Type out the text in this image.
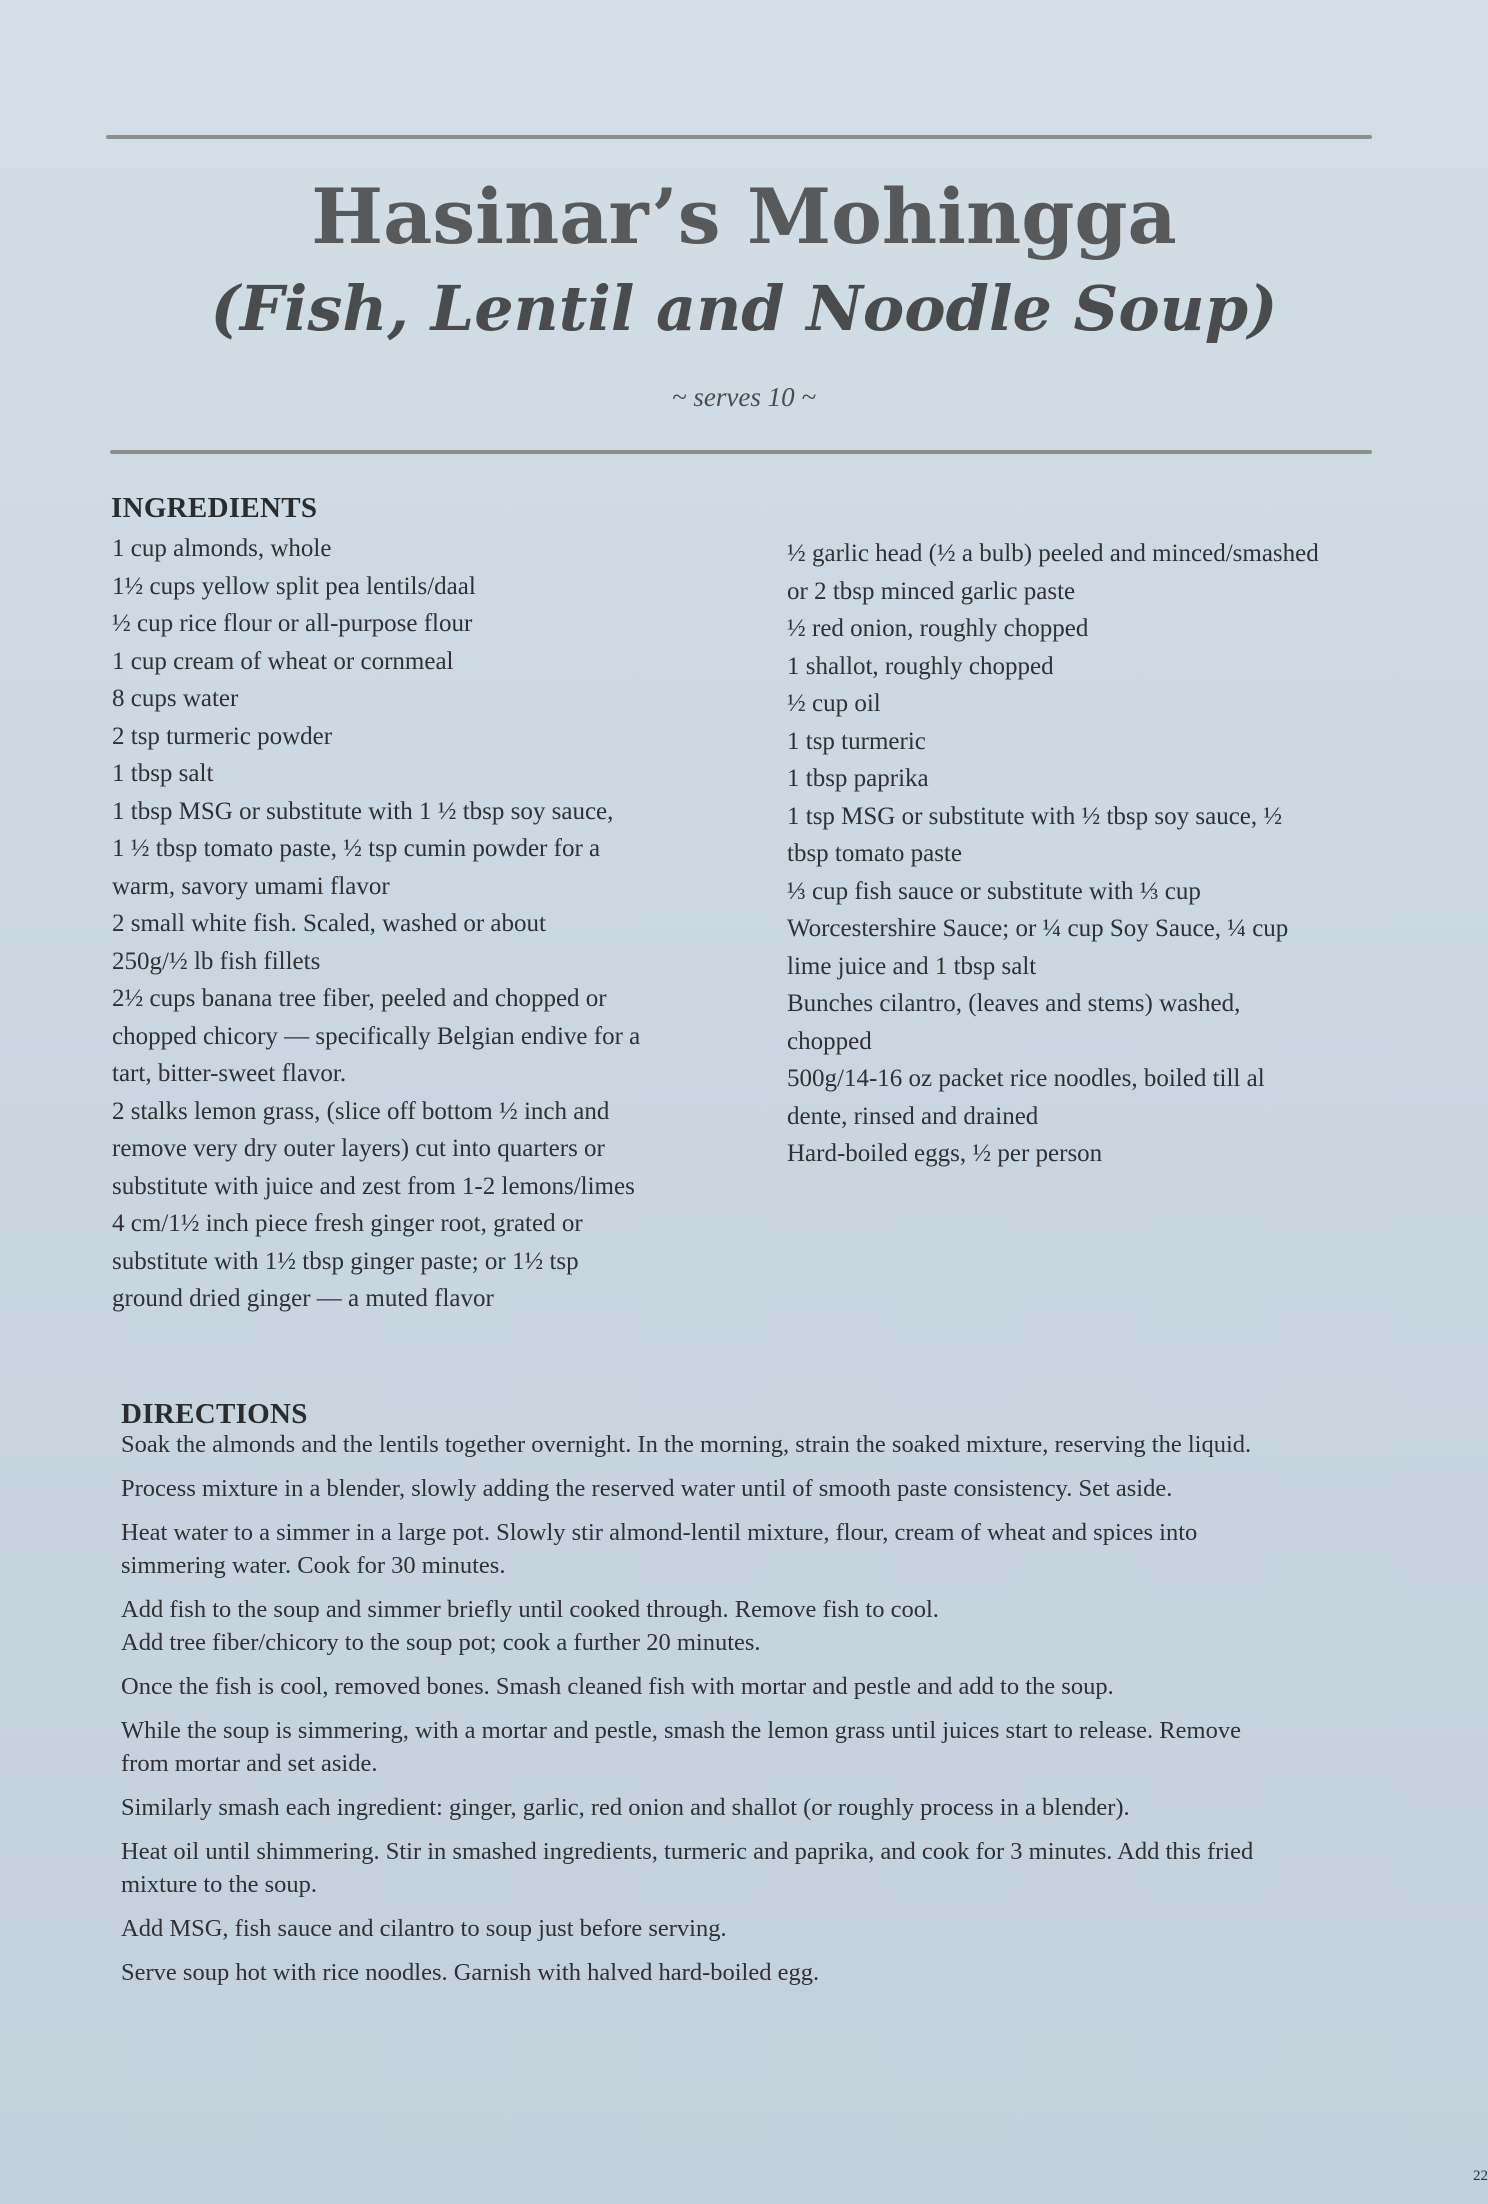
Hasinar’s Mohingga
(Fish, Lentil and Noodle Soup)
~ serves 10 ~
INGREDIENTS
1 cup almonds, whole
1½ cups yellow split pea lentils/daal
½ cup rice flour or all-purpose flour
1 cup cream of wheat or cornmeal
8 cups water
2 tsp turmeric powder
1 tbsp salt
1 tbsp MSG or substitute with 1 ½ tbsp soy sauce,
1 ½ tbsp tomato paste, ½ tsp cumin powder for a
warm, savory umami flavor
2 small white fish. Scaled, washed or about
250g/½ lb fish fillets
2½ cups banana tree fiber, peeled and chopped or
chopped chicory — specifically Belgian endive for a
tart, bitter-sweet flavor.
2 stalks lemon grass, (slice off bottom ½ inch and
remove very dry outer layers) cut into quarters or
substitute with juice and zest from 1-2 lemons/limes
4 cm/1½ inch piece fresh ginger root, grated or
substitute with 1½ tbsp ginger paste; or 1½ tsp
ground dried ginger — a muted flavor
½ garlic head (½ a bulb) peeled and minced/smashed
or 2 tbsp minced garlic paste
½ red onion, roughly chopped
1 shallot, roughly chopped
½ cup oil
1 tsp turmeric
1 tbsp paprika
1 tsp MSG or substitute with ½ tbsp soy sauce, ½
tbsp tomato paste
⅓ cup fish sauce or substitute with ⅓ cup
Worcestershire Sauce; or ¼ cup Soy Sauce, ¼ cup
lime juice and 1 tbsp salt
Bunches cilantro, (leaves and stems) washed,
chopped
500g/14-16 oz packet rice noodles, boiled till al
dente, rinsed and drained
Hard-boiled eggs, ½ per person
DIRECTIONS
Soak the almonds and the lentils together overnight. In the morning, strain the soaked mixture, reserving the liquid.
Process mixture in a blender, slowly adding the reserved water until of smooth paste consistency. Set aside.
Heat water to a simmer in a large pot. Slowly stir almond-lentil mixture, flour, cream of wheat and spices into
simmering water. Cook for 30 minutes.
Add fish to the soup and simmer briefly until cooked through. Remove fish to cool.
Add tree fiber/chicory to the soup pot; cook a further 20 minutes.
Once the fish is cool, removed bones. Smash cleaned fish with mortar and pestle and add to the soup.
While the soup is simmering, with a mortar and pestle, smash the lemon grass until juices start to release. Remove
from mortar and set aside.
Similarly smash each ingredient: ginger, garlic, red onion and shallot (or roughly process in a blender).
Heat oil until shimmering. Stir in smashed ingredients, turmeric and paprika, and cook for 3 minutes. Add this fried
mixture to the soup.
Add MSG, fish sauce and cilantro to soup just before serving.
Serve soup hot with rice noodles. Garnish with halved hard-boiled egg.
22
